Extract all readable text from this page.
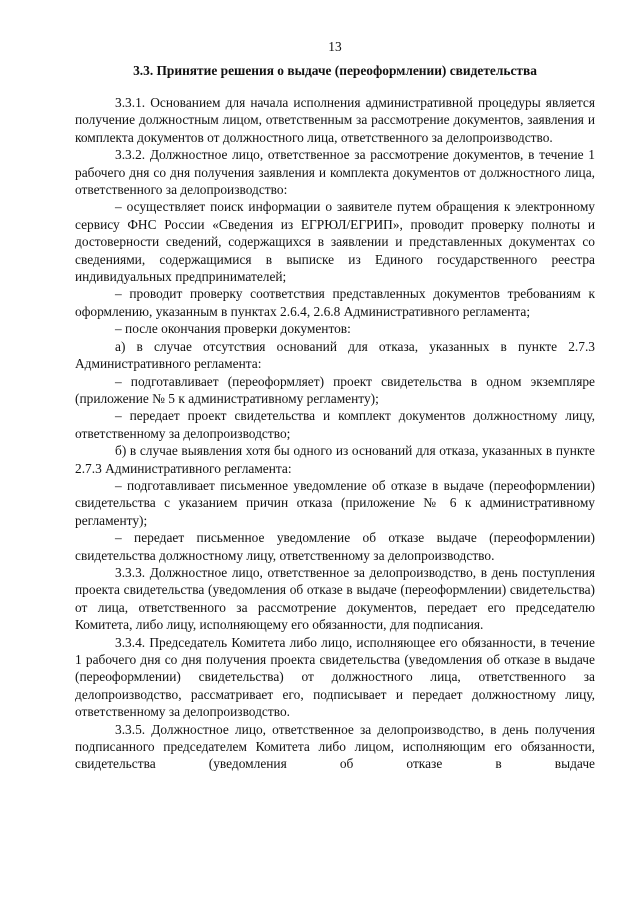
13
3.3. Принятие решения о выдаче (переоформлении) свидетельства

3.3.1. Основанием для начала исполнения административной процедуры является получение должностным лицом, ответственным за рассмотрение документов, заявления и комплекта документов от должностного лица, ответственного за делопроизводство.

3.3.2. Должностное лицо, ответственное за рассмотрение документов, в течение 1 рабочего дня со дня получения заявления и комплекта документов от должностного лица, ответственного за делопроизводство:

– осуществляет поиск информации о заявителе путем обращения к электронному сервису ФНС России «Сведения из ЕГРЮЛ/ЕГРИП», проводит проверку полноты и достоверности сведений, содержащихся в заявлении и представленных документах со сведениями, содержащимися в выписке из Единого государственного реестра индивидуальных предпринимателей;

– проводит проверку соответствия представленных документов требованиям к оформлению, указанным в пунктах 2.6.4, 2.6.8 Административного регламента;

– после окончания проверки документов:

а) в случае отсутствия оснований для отказа, указанных в пункте 2.7.3 Административного регламента:

– подготавливает (переоформляет) проект свидетельства в одном экземпляре (приложение № 5 к административному регламенту);

– передает проект свидетельства и комплект документов должностному лицу, ответственному за делопроизводство;

б) в случае выявления хотя бы одного из оснований для отказа, указанных в пункте 2.7.3 Административного регламента:

– подготавливает письменное уведомление об отказе в выдаче (переоформлении) свидетельства с указанием причин отказа (приложение № 6 к административному регламенту);

– передает письменное уведомление об отказе выдаче (переоформлении) свидетельства должностному лицу, ответственному за делопроизводство.

3.3.3. Должностное лицо, ответственное за делопроизводство, в день поступления проекта свидетельства (уведомления об отказе в выдаче (переоформлении) свидетельства) от лица, ответственного за рассмотрение документов, передает его председателю Комитета, либо лицу, исполняющему его обязанности, для подписания.

3.3.4. Председатель Комитета либо лицо, исполняющее его обязанности, в течение 1 рабочего дня со дня получения проекта свидетельства (уведомления об отказе в выдаче (переоформлении) свидетельства) от должностного лица, ответственного за делопроизводство, рассматривает его, подписывает и передает должностному лицу, ответственному за делопроизводство.

3.3.5. Должностное лицо, ответственное за делопроизводство, в день получения подписанного председателем Комитета либо лицом, исполняющим его обязанности, свидетельства (уведомления об отказе в выдаче
